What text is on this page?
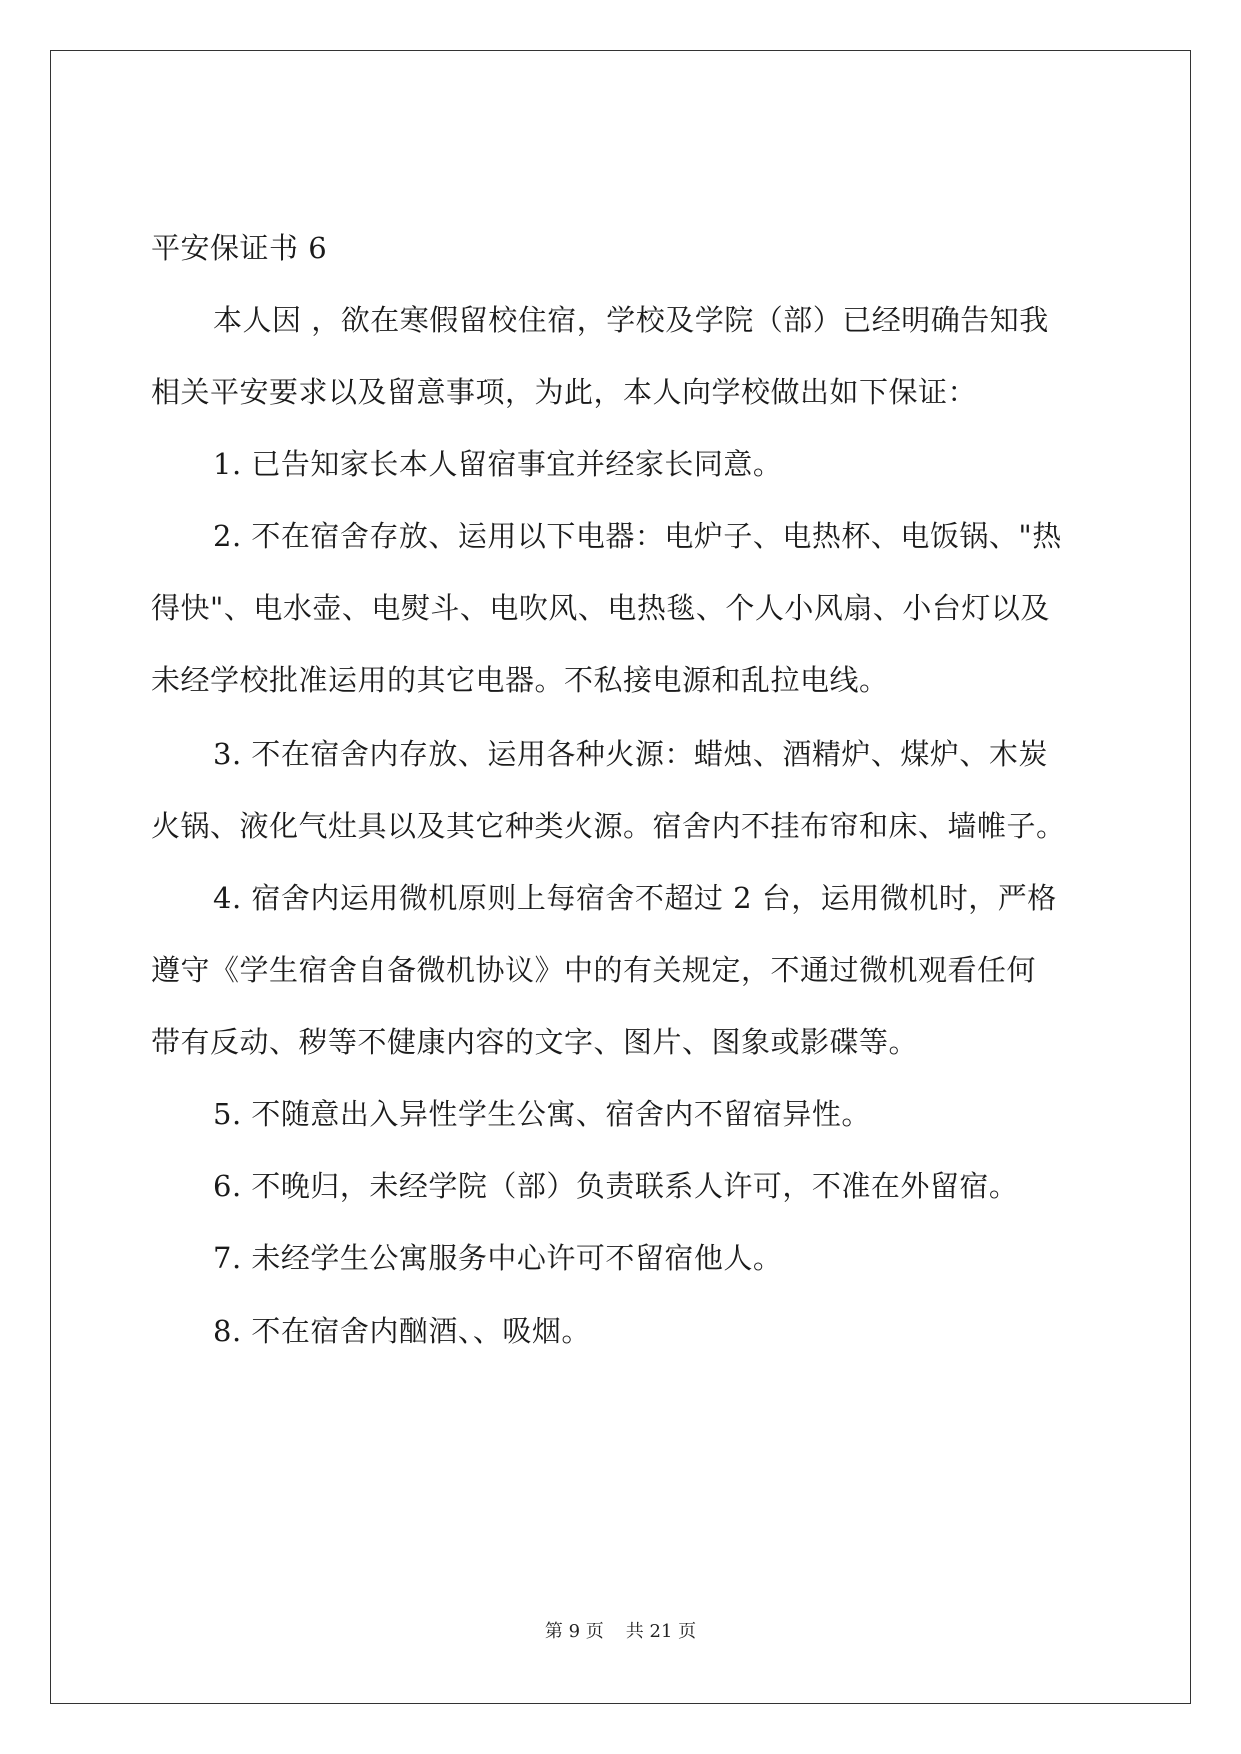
平安保证书 6
本人因 ，欲在寒假留校住宿，学校及学院（部）已经明确告知我
相关平安要求以及留意事项，为此，本人向学校做出如下保证：
1. 已告知家长本人留宿事宜并经家长同意。
2. 不在宿舍存放、运用以下电器：电炉子、电热杯、电饭锅、"热
得快"、电水壶、电熨斗、电吹风、电热毯、个人小风扇、小台灯以及
未经学校批准运用的其它电器。不私接电源和乱拉电线。
3. 不在宿舍内存放、运用各种火源：蜡烛、酒精炉、煤炉、木炭
火锅、液化气灶具以及其它种类火源。宿舍内不挂布帘和床、墙帷子。
4. 宿舍内运用微机原则上每宿舍不超过 2 台，运用微机时，严格
遵守《学生宿舍自备微机协议》中的有关规定，不通过微机观看任何
带有反动、秽等不健康内容的文字、图片、图象或影碟等。
5. 不随意出入异性学生公寓、宿舍内不留宿异性。
6. 不晚归，未经学院（部）负责联系人许可，不准在外留宿。
7. 未经学生公寓服务中心许可不留宿他人。
8. 不在宿舍内酗酒、、吸烟。
第 9 页 共 21 页
